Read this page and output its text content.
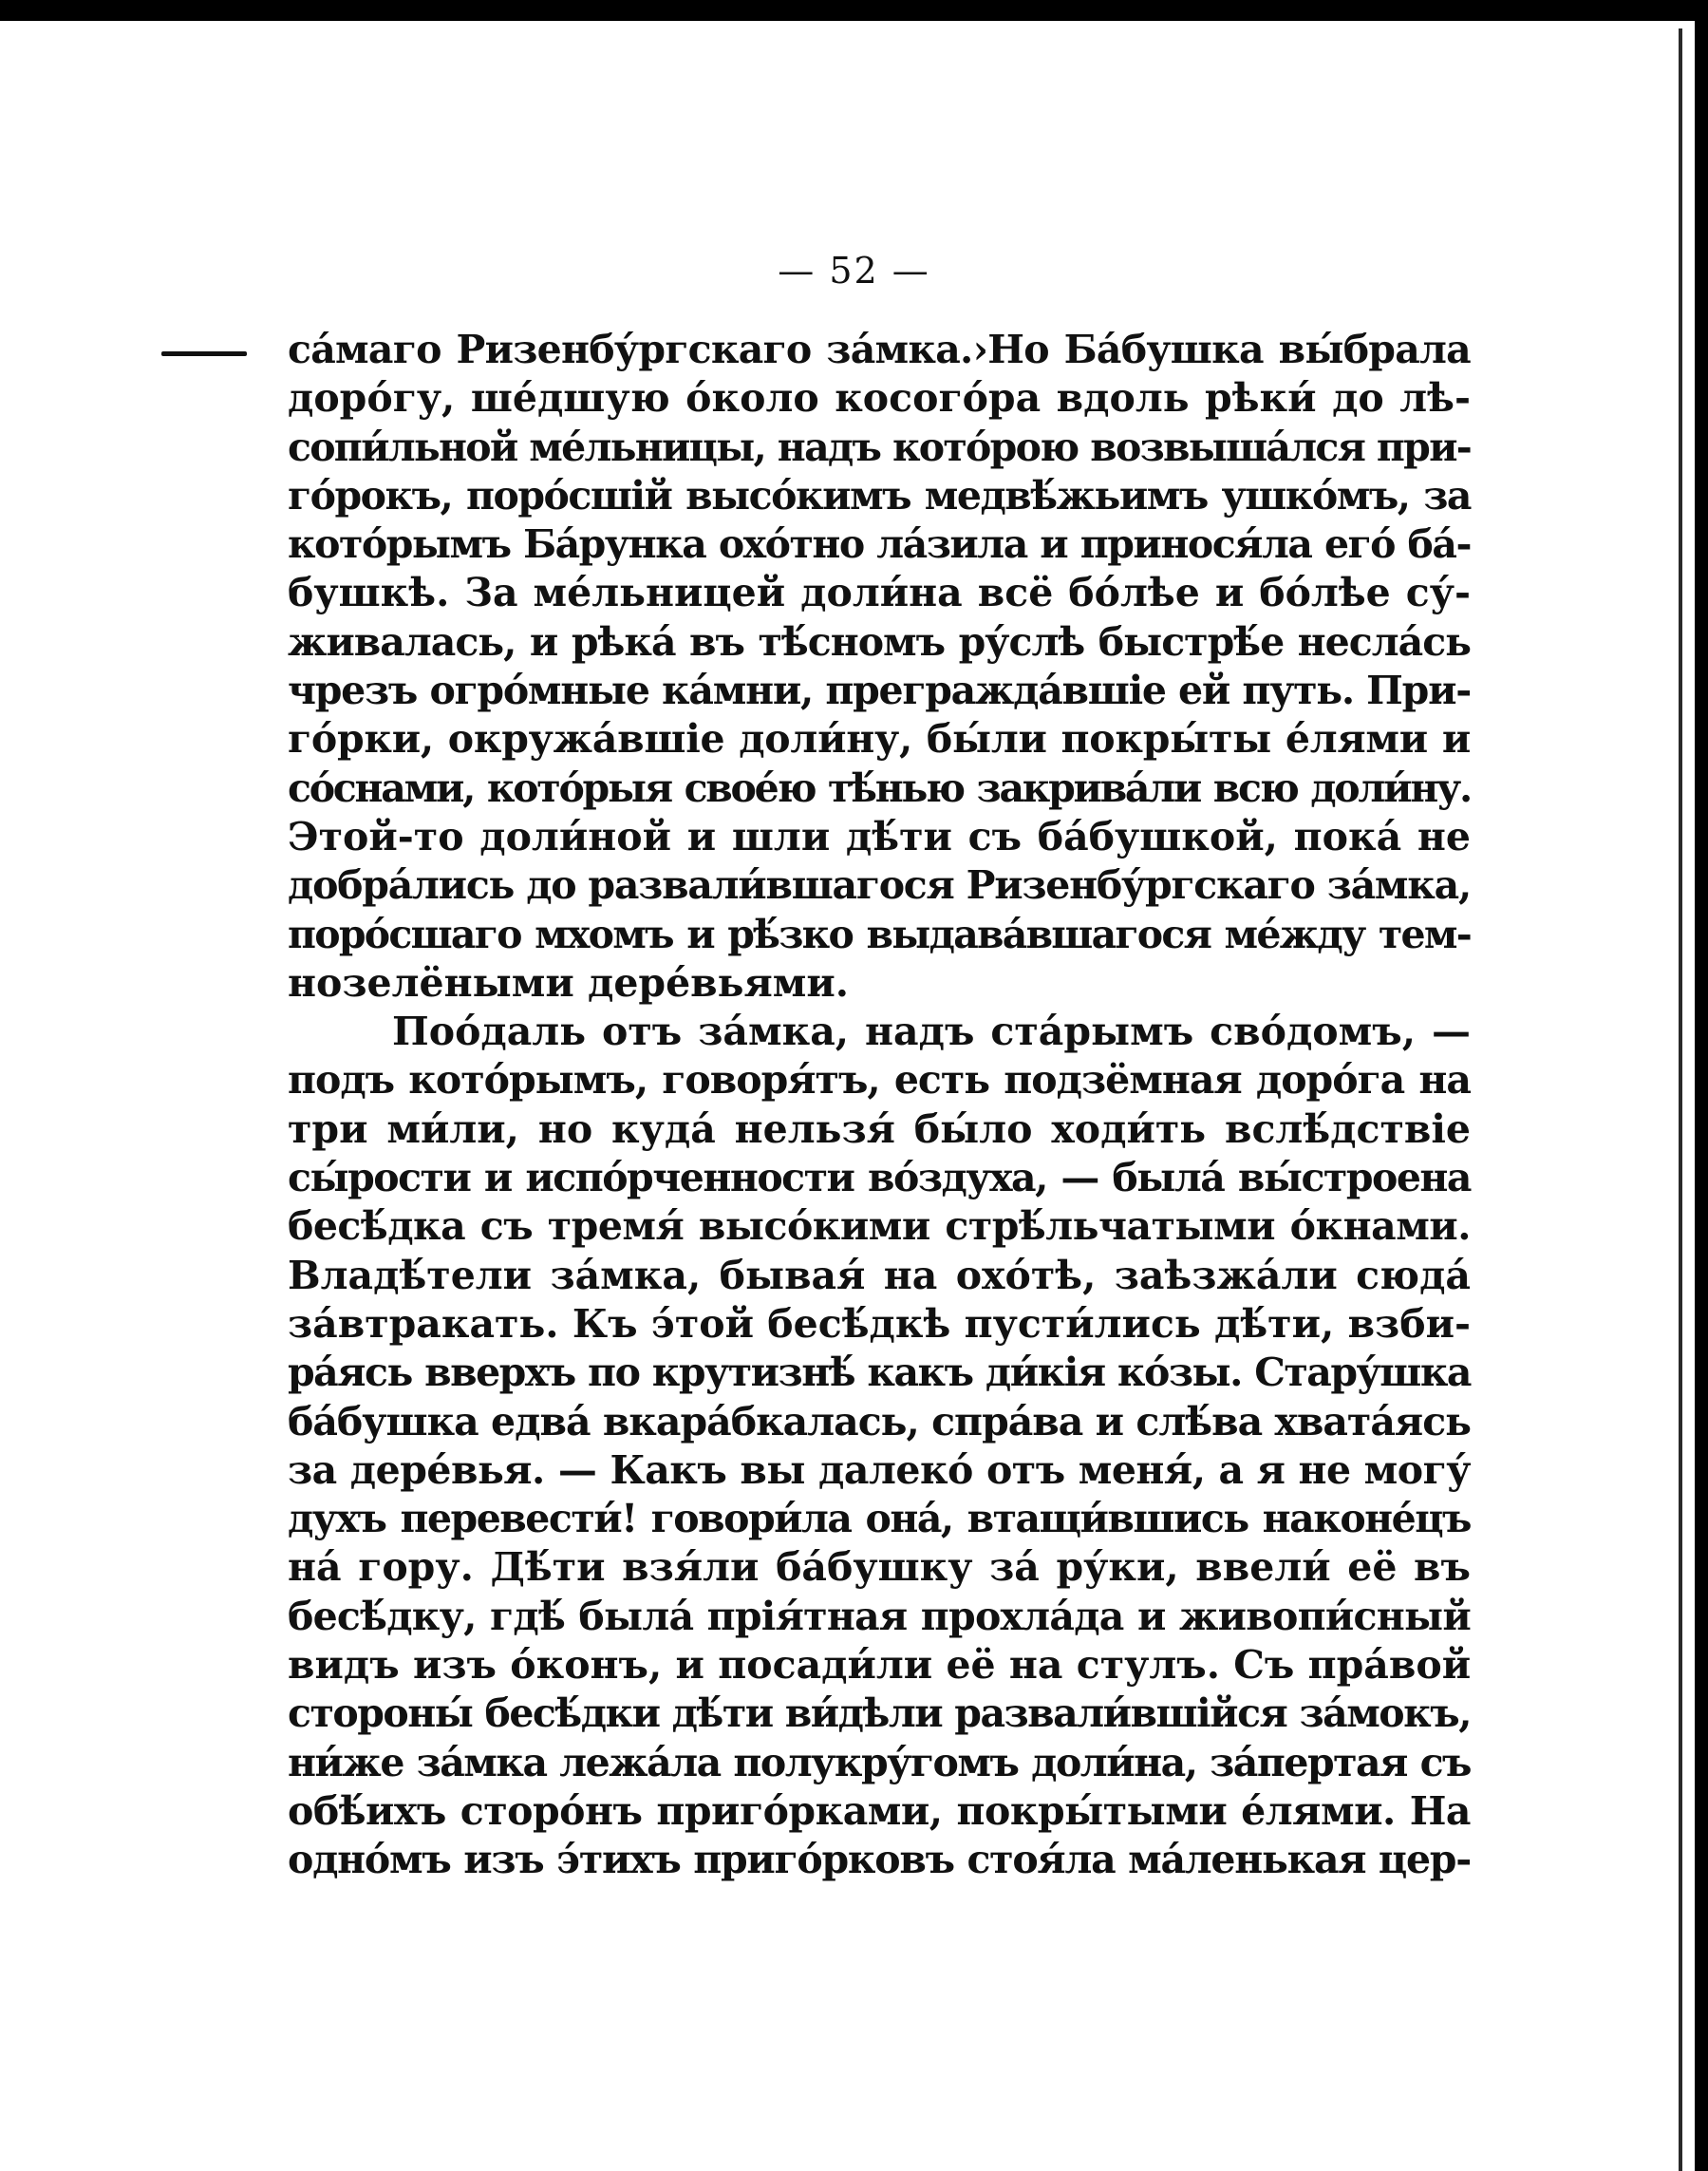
— 52 —
са́маго Ризенбу́ргскаго за́мка.›Но Ба́бушка вы́брала
доро́гу, ше́дшую о́коло косого́ра вдоль рѣки́ до лѣ-
сопи́льной ме́льницы, надъ кото́рою возвыша́лся при-
го́рокъ, поро́сшій высо́кимъ медвѣ́жьимъ ушко́мъ, за
кото́рымъ Ба́рунка охо́тно ла́зила и принося́ла его́ ба́-
бушкѣ. За ме́льницей доли́на всё бо́лѣе и бо́лѣе су́-
живалась, и рѣка́ въ тѣ́сномъ ру́слѣ быстрѣ́е несла́сь
чрезъ огро́мные ка́мни, прегражда́вшіе ей путь. При-
го́рки, окружа́вшіе доли́ну, бы́ли покры́ты е́лями и
со́снами, кото́рыя свое́ю тѣ́нью закрива́ли всю доли́ну.
Этой-то доли́ной и шли дѣ́ти съ ба́бушкой, пока́ не
добра́лись до развали́вшагося Ризенбу́ргскаго за́мка,
поро́сшаго мхомъ и рѣ́зко выдава́вшагося ме́жду тем-
нозелёными дере́вьями.
Поо́даль отъ за́мка, надъ ста́рымъ сво́домъ, —
подъ кото́рымъ, говоря́тъ, есть подзёмная доро́га на
три ми́ли, но куда́ нельзя́ бы́ло ходи́ть вслѣ́дствіе
сы́рости и испо́рченности во́здуха, — была́ вы́строена
бесѣ́дка съ тремя́ высо́кими стрѣ́льчатыми о́кнами.
Владѣ́тели за́мка, бывая́ на охо́тѣ, заѣзжа́ли сюда́
за́втракать. Къ э́той бесѣ́дкѣ пусти́лись дѣ́ти, взби-
ра́ясь вверхъ по крутизнѣ́ какъ ди́кія ко́зы. Стару́шка
ба́бушка едва́ вкара́бкалась, спра́ва и слѣ́ва хвата́ясь
за дере́вья. — Какъ вы далеко́ отъ меня́, а я не могу́
духъ перевести́! говори́ла она́, втащи́вшись наконе́цъ
на́ гору. Дѣ́ти взя́ли ба́бушку за́ ру́ки, ввели́ её въ
бесѣ́дку, гдѣ́ была́ прія́тная прохла́да и живопи́сный
видъ изъ о́конъ, и посади́ли её на стулъ. Съ пра́вой
стороны́ бесѣ́дки дѣ́ти ви́дѣли развали́вшійся за́мокъ,
ни́же за́мка лежа́ла полукру́гомъ доли́на, за́пертая съ
обѣ́ихъ сторо́нъ приго́рками, покры́тыми е́лями. На
одно́мъ изъ э́тихъ приго́рковъ стоя́ла ма́ленькая цер-
